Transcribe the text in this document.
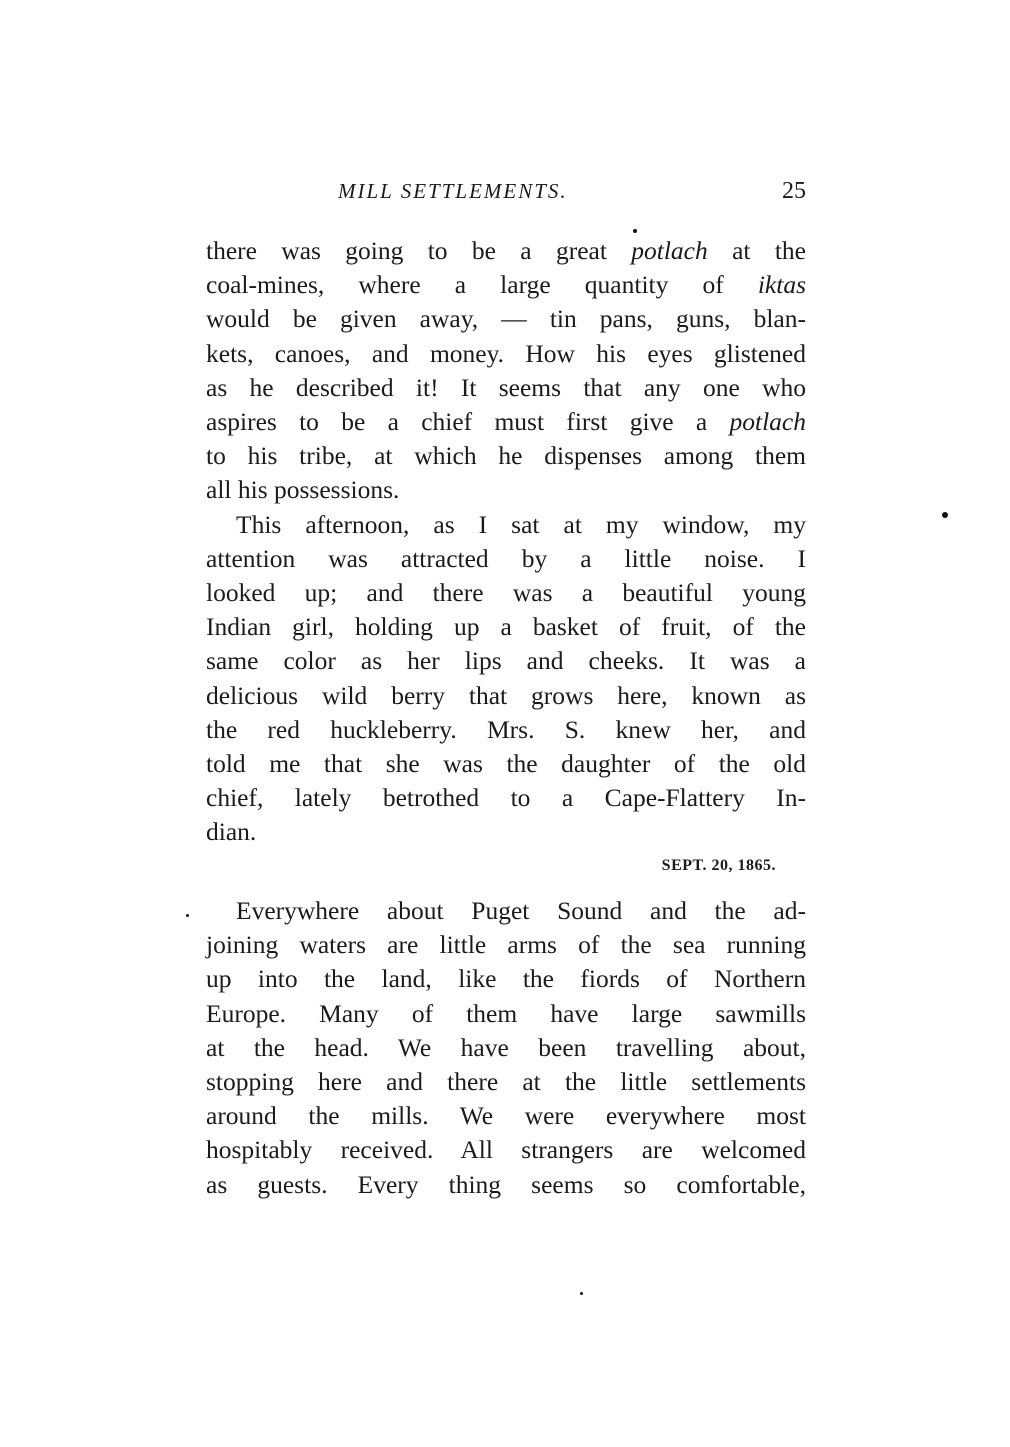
MILL SETTLEMENTS.	25
there was going to be a great potlach at the
coal-mines, where a large quantity of iktas
would be given away, — tin pans, guns, blan-
kets, canoes, and money. How his eyes glistened
as he described it! It seems that any one who
aspires to be a chief must first give a potlach
to his tribe, at which he dispenses among them
all his possessions.
This afternoon, as I sat at my window, my
attention was attracted by a little noise. I
looked up; and there was a beautiful young
Indian girl, holding up a basket of fruit, of the
same color as her lips and cheeks. It was a
delicious wild berry that grows here, known as
the red huckleberry. Mrs. S. knew her, and
told me that she was the daughter of the old
chief, lately betrothed to a Cape-Flattery In-
dian.
SEPT. 20, 1865.
Everywhere about Puget Sound and the ad-
joining waters are little arms of the sea running
up into the land, like the fiords of Northern
Europe. Many of them have large sawmills
at the head. We have been travelling about,
stopping here and there at the little settlements
around the mills. We were everywhere most
hospitably received. All strangers are welcomed
as guests. Every thing seems so comfortable,
